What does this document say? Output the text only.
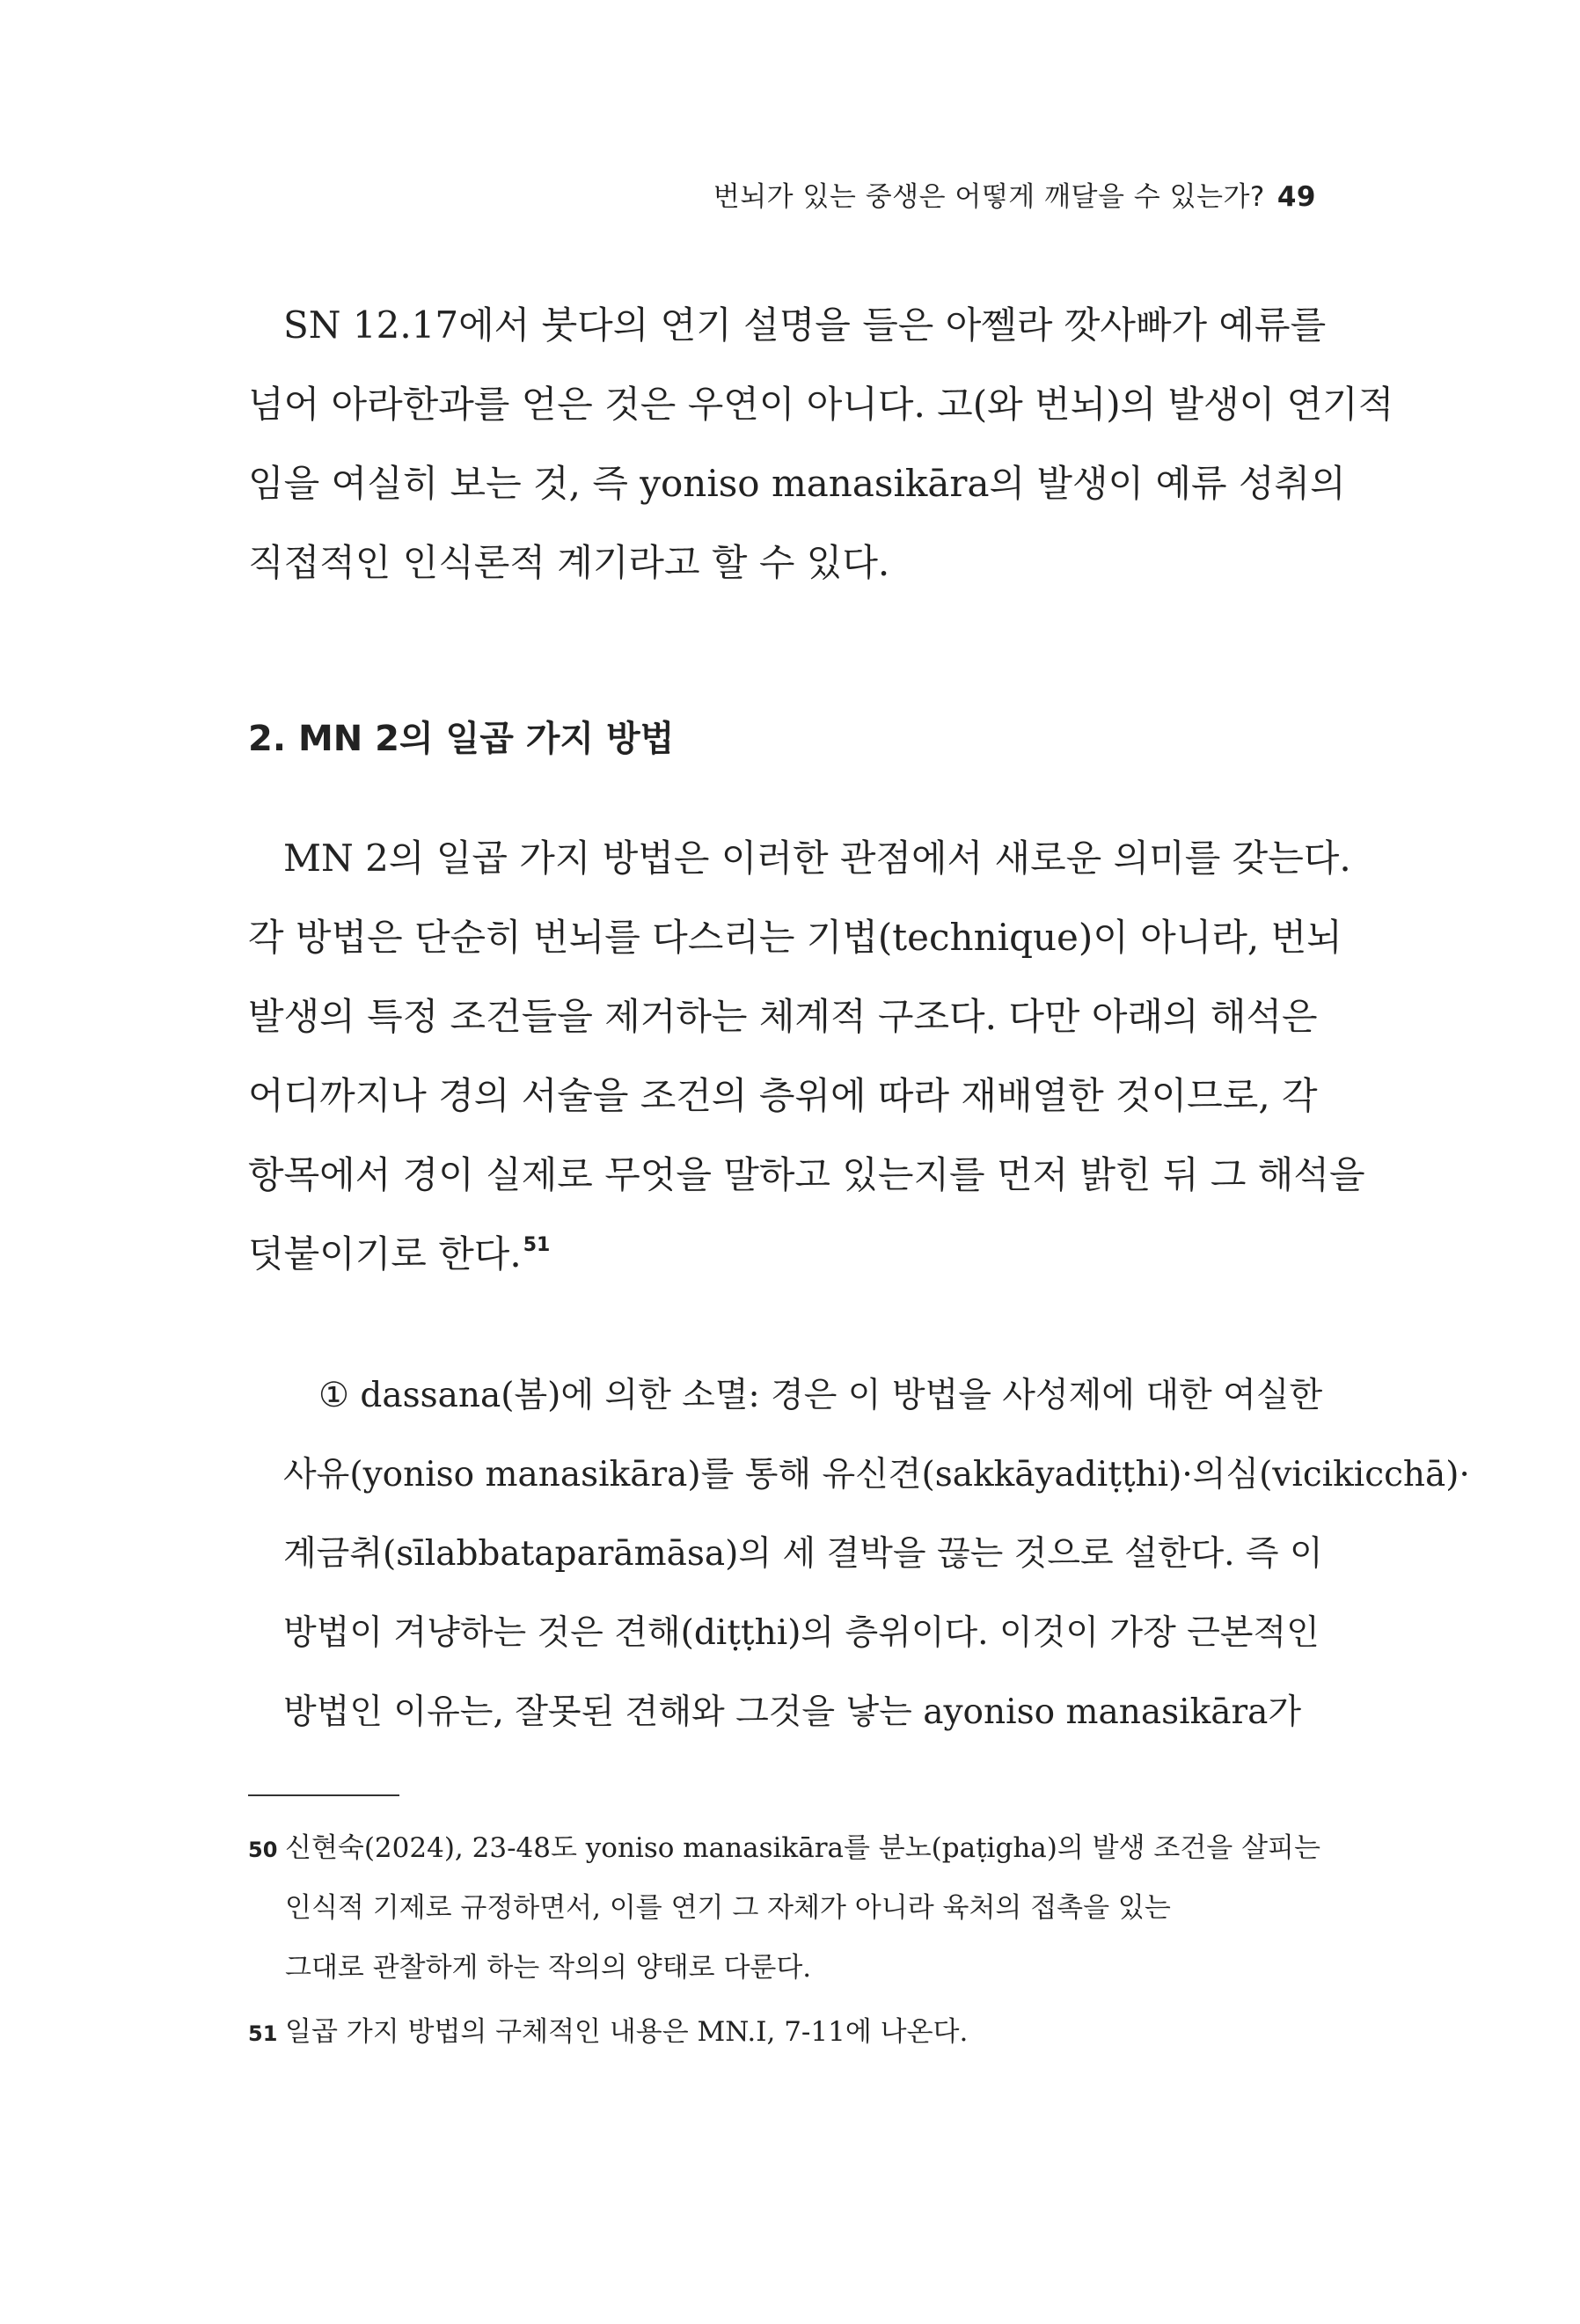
번뇌가 있는 중생은 어떻게 깨달을 수 있는가? 49
SN 12.17에서 붓다의 연기 설명을 들은 아쩰라 깟사빠가 예류를
넘어 아라한과를 얻은 것은 우연이 아니다. 고(와 번뇌)의 발생이 연기적
임을 여실히 보는 것, 즉 yoniso manasikāra의 발생이 예류 성취의
직접적인 인식론적 계기라고 할 수 있다.
2. MN 2의 일곱 가지 방법
MN 2의 일곱 가지 방법은 이러한 관점에서 새로운 의미를 갖는다.
각 방법은 단순히 번뇌를 다스리는 기법(technique)이 아니라, 번뇌
발생의 특정 조건들을 제거하는 체계적 구조다. 다만 아래의 해석은
어디까지나 경의 서술을 조건의 층위에 따라 재배열한 것이므로, 각
항목에서 경이 실제로 무엇을 말하고 있는지를 먼저 밝힌 뒤 그 해석을
덧붙이기로 한다.$^{51}$
① dassana(봄)에 의한 소멸: 경은 이 방법을 사성제에 대한 여실한
사유(yoniso manasikāra)를 통해 유신견(sakkāyadiṭṭhi)·의심(vicikicchā)·
계금취(sīlabbataparāmāsa)의 세 결박을 끊는 것으로 설한다. 즉 이
방법이 겨냥하는 것은 견해(diṭṭhi)의 층위이다. 이것이 가장 근본적인
방법인 이유는, 잘못된 견해와 그것을 낳는 ayoniso manasikāra가
50 신현숙(2024), 23-48도 yoniso manasikāra를 분노(paṭigha)의 발생 조건을 살피는
인식적 기제로 규정하면서, 이를 연기 그 자체가 아니라 육처의 접촉을 있는
그대로 관찰하게 하는 작의의 양태로 다룬다.
51 일곱 가지 방법의 구체적인 내용은 MN.I, 7-11에 나온다.
